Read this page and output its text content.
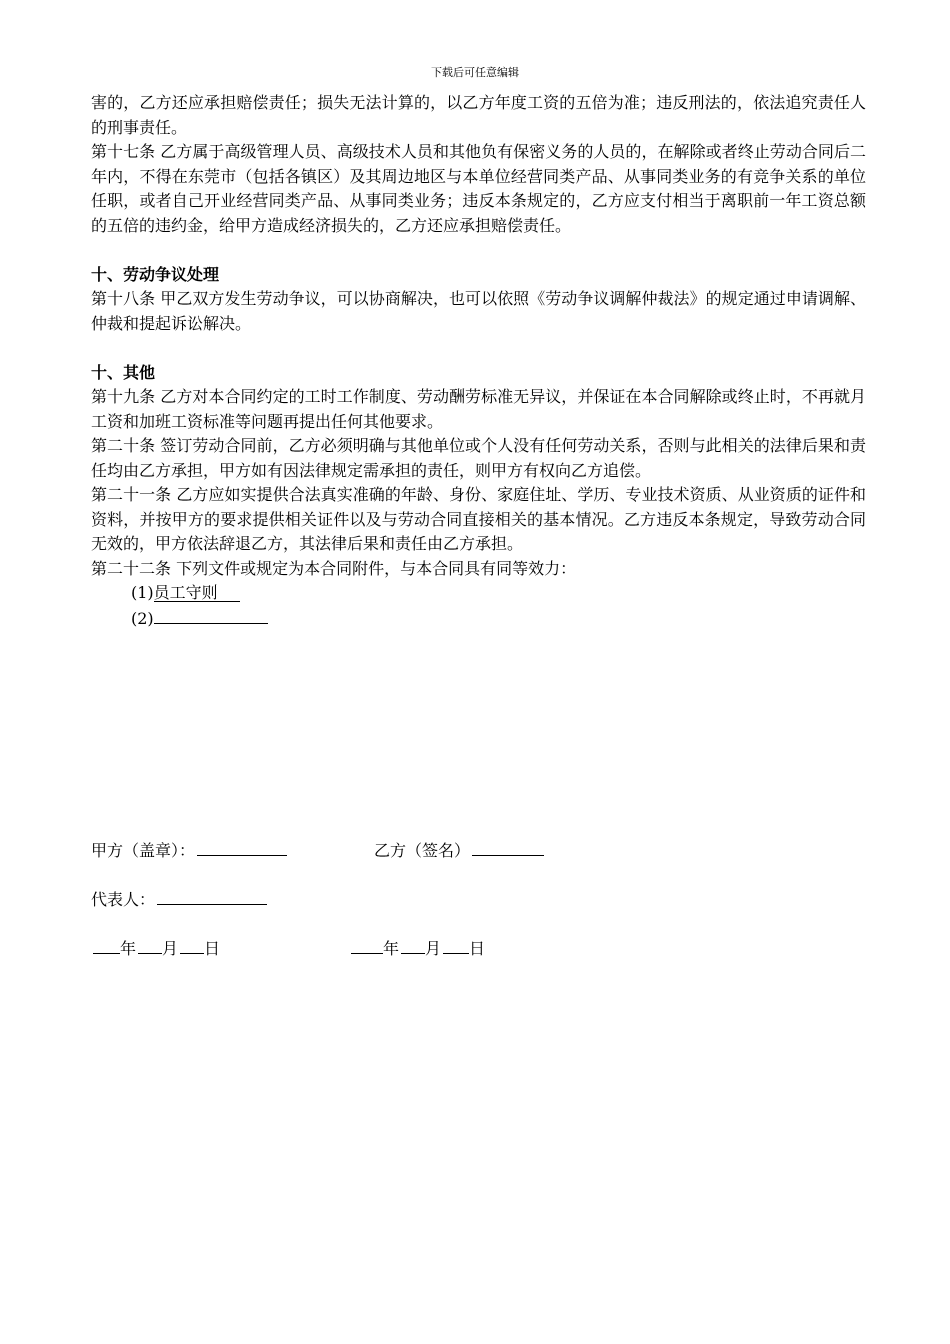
下载后可任意编辑

害的，乙方还应承担赔偿责任；损失无法计算的，以乙方年度工资的五倍为准；违反刑法的，依法追究责任人的刑事责任。

第十七条 乙方属于高级管理人员、高级技术人员和其他负有保密义务的人员的，在解除或者终止劳动合同后二年内，不得在东莞市（包括各镇区）及其周边地区与本单位经营同类产品、从事同类业务的有竞争关系的单位任职，或者自己开业经营同类产品、从事同类业务；违反本条规定的，乙方应支付相当于离职前一年工资总额的五倍的违约金，给甲方造成经济损失的，乙方还应承担赔偿责任。

十、劳动争议处理

第十八条 甲乙双方发生劳动争议，可以协商解决，也可以依照《劳动争议调解仲裁法》的规定通过申请调解、仲裁和提起诉讼解决。

十、其他

第十九条 乙方对本合同约定的工时工作制度、劳动酬劳标准无异议，并保证在本合同解除或终止时，不再就月工资和加班工资标准等问题再提出任何其他要求。

第二十条 签订劳动合同前，乙方必须明确与其他单位或个人没有任何劳动关系，否则与此相关的法律后果和责任均由乙方承担，甲方如有因法律规定需承担的责任，则甲方有权向乙方追偿。

第二十一条 乙方应如实提供合法真实准确的年龄、身份、家庭住址、学历、专业技术资质、从业资质的证件和资料，并按甲方的要求提供相关证件以及与劳动合同直接相关的基本情况。乙方违反本条规定，导致劳动合同无效的，甲方依法辞退乙方，其法律后果和责任由乙方承担。

第二十二条 下列文件或规定为本合同附件，与本合同具有同等效力：

(1)员工守则

(2)

甲方（盖章）：	乙方（签名）
代表人：
年 月 日	年 月 日
